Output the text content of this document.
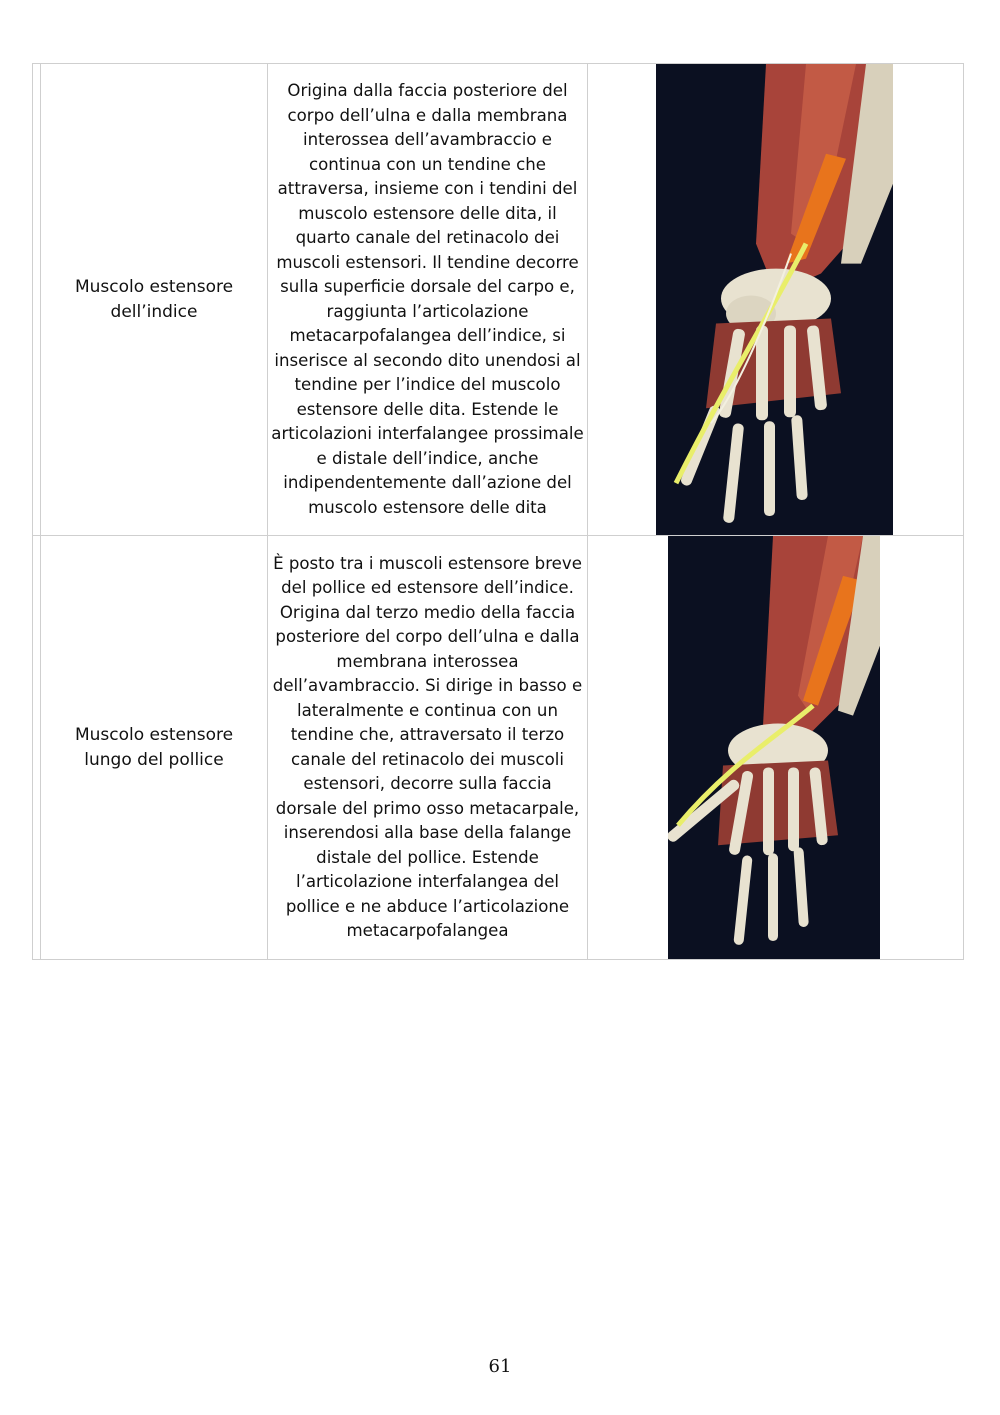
	Muscolo estensore dell’indice	Origina dalla faccia posteriore del corpo dell’ulna e dalla membrana interossea dell’avambraccio e continua con un tendine che attraversa, insieme con i tendini del muscolo estensore delle dita, il quarto canale del retinacolo dei muscoli estensori. Il tendine decorre sulla superficie dorsale del carpo e, raggiunta l’articolazione metacarpofalangea dell’indice, si inserisce al secondo dito unendosi al tendine per l’indice del muscolo estensore delle dita. Estende le articolazioni interfalangee prossimale e distale dell’indice, anche indipendentemente dall’azione del muscolo estensore delle dita

	Muscolo estensore lungo del pollice	È posto tra i muscoli estensore breve del pollice ed estensore dell’indice. Origina dal terzo medio della faccia posteriore del corpo dell’ulna e dalla membrana interossea dell’avambraccio. Si dirige in basso e lateralmente e continua con un tendine che, attraversato il terzo canale del retinacolo dei muscoli estensori, decorre sulla faccia dorsale del primo osso metacarpale, inserendosi alla base della falange distale del pollice. Estende l’articolazione interfalangea del pollice e ne abduce l’articolazione metacarpofalangea

61
